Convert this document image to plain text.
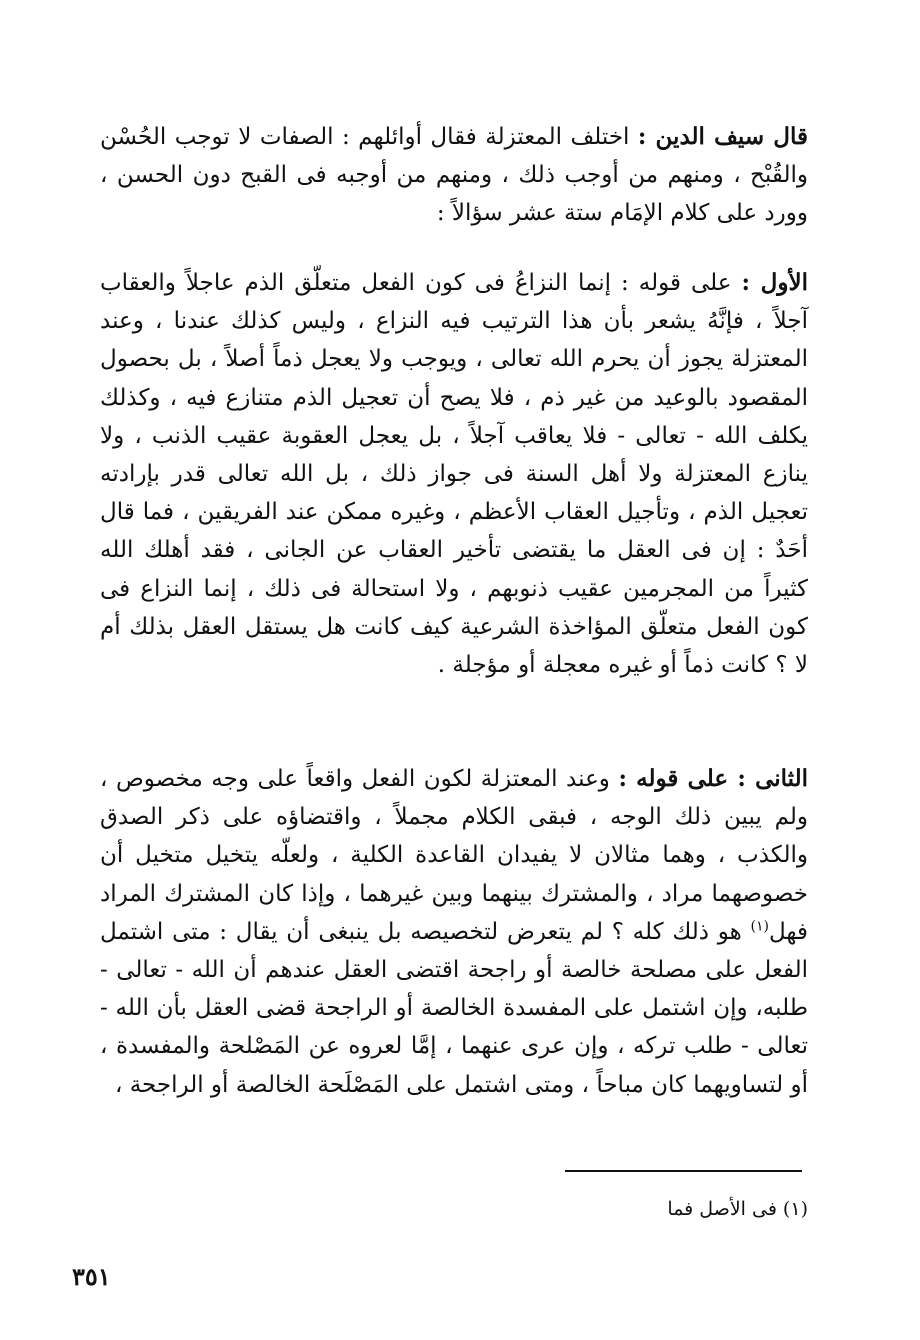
قال سيف الدين : اختلف المعتزلة فقال أوائلهم : الصفات لا توجب الحُسْن والقُبْح ، ومنهم من أوجب ذلك ، ومنهم من أوجبه فى القبح دون الحسن ، وورد على كلام الإمَام ستة عشر سؤالاً :

الأول : على قوله : إنما النزاعُ فى كون الفعل متعلّق الذم عاجلاً والعقاب آجلاً ، فإنَّهُ يشعر بأن هذا الترتيب فيه النزاع ، وليس كذلك عندنا ، وعند المعتزلة يجوز أن يحرم الله تعالى ، ويوجب ولا يعجل ذماً أصلاً ، بل بحصول المقصود بالوعيد من غير ذم ، فلا يصح أن تعجيل الذم متنازع فيه ، وكذلك يكلف الله - تعالى - فلا يعاقب آجلاً ، بل يعجل العقوبة عقيب الذنب ، ولا ينازع المعتزلة ولا أهل السنة فى جواز ذلك ، بل الله تعالى قدر بإرادته تعجيل الذم ، وتأجيل العقاب الأعظم ، وغيره ممكن عند الفريقين ، فما قال أحَدٌ : إن فى العقل ما يقتضى تأخير العقاب عن الجانى ، فقد أهلك الله كثيراً من المجرمين عقيب ذنوبهم ، ولا استحالة فى ذلك ، إنما النزاع فى كون الفعل متعلّق المؤاخذة الشرعية كيف كانت هل يستقل العقل بذلك أم لا ؟ كانت ذماً أو غيره معجلة أو مؤجلة .

الثانى : على قوله : وعند المعتزلة لكون الفعل واقعاً على وجه مخصوص ، ولم يبين ذلك الوجه ، فبقى الكلام مجملاً ، واقتضاؤه على ذكر الصدق والكذب ، وهما مثالان لا يفيدان القاعدة الكلية ، ولعلّه يتخيل متخيل أن خصوصهما مراد ، والمشترك بينهما وبين غيرهما ، وإذا كان المشترك المراد فهل$^{(١)}$ هو ذلك كله ؟ لم يتعرض لتخصيصه بل ينبغى أن يقال : متى اشتمل الفعل على مصلحة خالصة أو راجحة اقتضى العقل عندهم أن الله - تعالى - طلبه، وإن اشتمل على المفسدة الخالصة أو الراجحة قضى العقل بأن الله - تعالى - طلب تركه ، وإن عرى عنهما ، إمَّا لعروه عن المَصْلحة والمفسدة ، أو لتساويهما كان مباحاً ، ومتى اشتمل على المَصْلَحة الخالصة أو الراجحة ،

(١) فى الأصل فما
٣٥١
